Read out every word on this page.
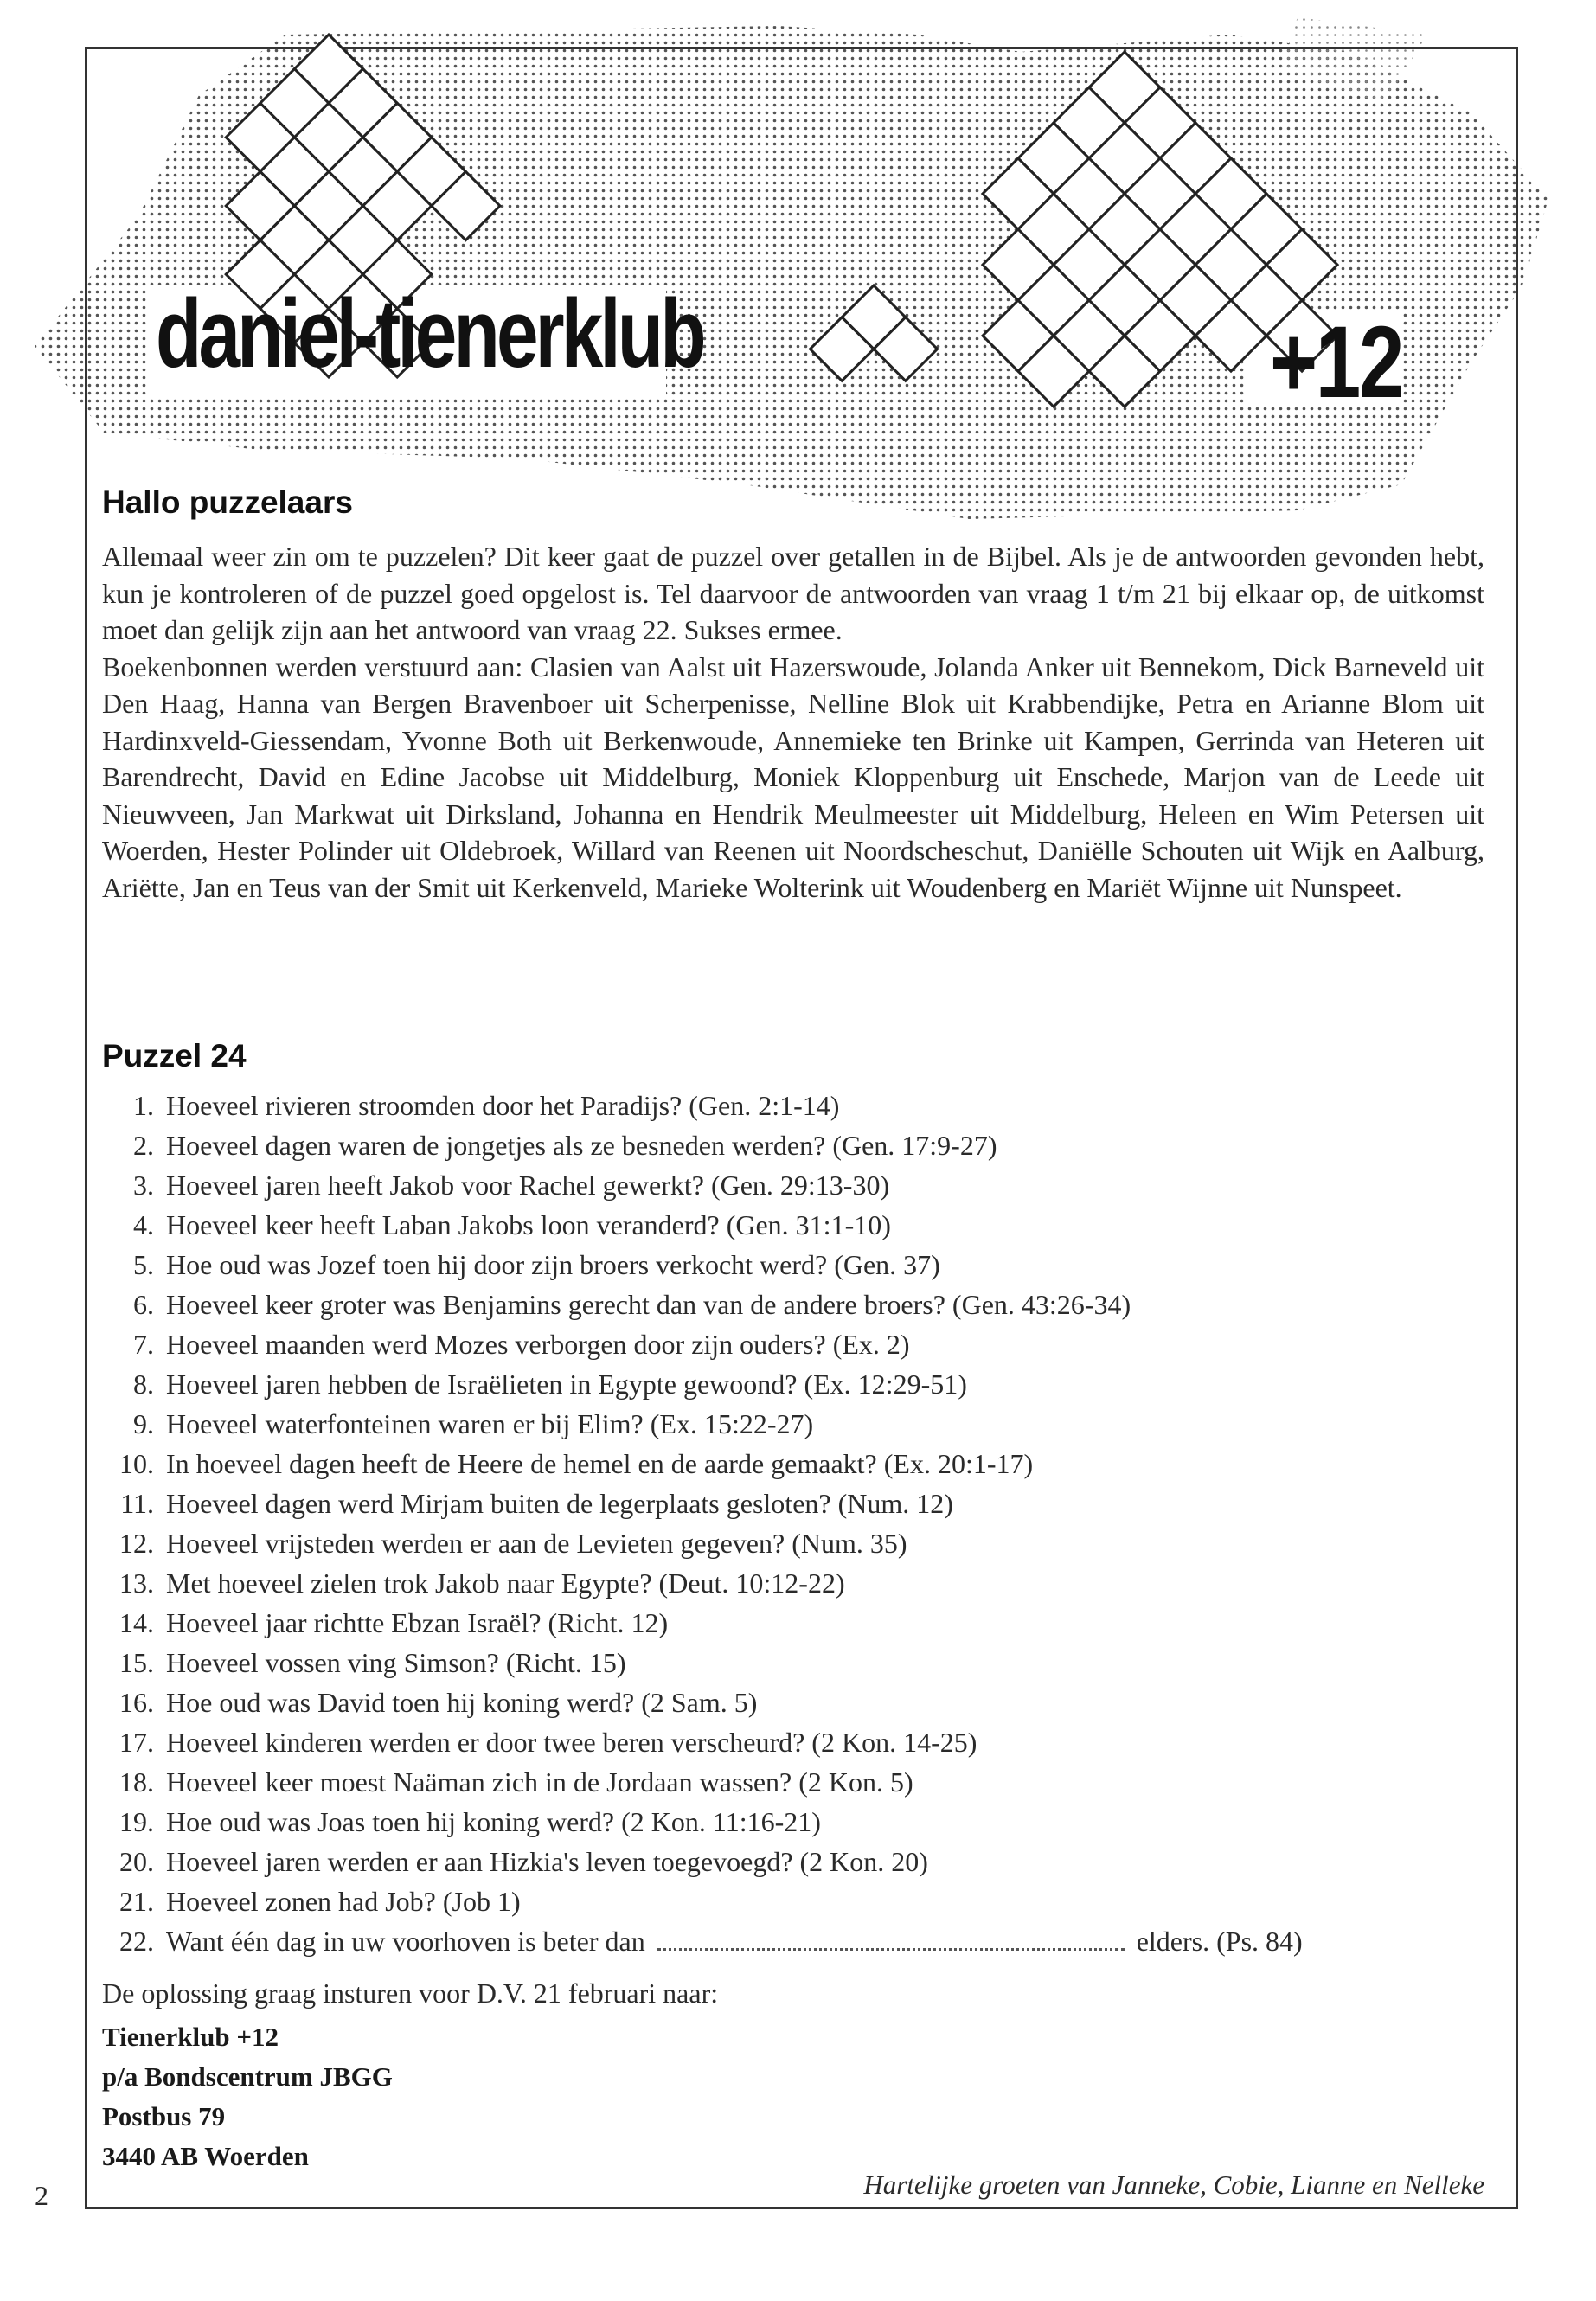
daniel-tienerklub	+12
Hallo puzzelaars

Allemaal weer zin om te puzzelen? Dit keer gaat de puzzel over getallen in de Bijbel. Als je de antwoorden gevonden hebt, kun je kontroleren of de puzzel goed opgelost is. Tel daarvoor de antwoorden van vraag 1 t/m 21 bij elkaar op, de uitkomst moet dan gelijk zijn aan het antwoord van vraag 22. Sukses ermee.

Boekenbonnen werden verstuurd aan: Clasien van Aalst uit Hazerswoude, Jolanda Anker uit Bennekom, Dick Barneveld uit Den Haag, Hanna van Bergen Bravenboer uit Scherpenisse, Nelline Blok uit Krabbendijke, Petra en Arianne Blom uit Hardinxveld-Giessendam, Yvonne Both uit Berkenwoude, Annemieke ten Brinke uit Kampen, Gerrinda van Heteren uit Barendrecht, David en Edine Jacobse uit Middelburg, Moniek Kloppenburg uit Enschede, Marjon van de Leede uit Nieuwveen, Jan Markwat uit Dirksland, Johanna en Hendrik Meulmeester uit Middelburg, Heleen en Wim Petersen uit Woerden, Hester Polinder uit Oldebroek, Willard van Reenen uit Noordscheschut, Daniëlle Schouten uit Wijk en Aalburg, Ariëtte, Jan en Teus van der Smit uit Kerkenveld, Marieke Wolterink uit Woudenberg en Mariët Wijnne uit Nunspeet.

Puzzel 24
1. Hoeveel rivieren stroomden door het Paradijs? (Gen. 2:1-14)
2. Hoeveel dagen waren de jongetjes als ze besneden werden? (Gen. 17:9-27)
3. Hoeveel jaren heeft Jakob voor Rachel gewerkt? (Gen. 29:13-30)
4. Hoeveel keer heeft Laban Jakobs loon veranderd? (Gen. 31:1-10)
5. Hoe oud was Jozef toen hij door zijn broers verkocht werd? (Gen. 37)
6. Hoeveel keer groter was Benjamins gerecht dan van de andere broers? (Gen. 43:26-34)
7. Hoeveel maanden werd Mozes verborgen door zijn ouders? (Ex. 2)
8. Hoeveel jaren hebben de Israëlieten in Egypte gewoond? (Ex. 12:29-51)
9. Hoeveel waterfonteinen waren er bij Elim? (Ex. 15:22-27)
10. In hoeveel dagen heeft de Heere de hemel en de aarde gemaakt? (Ex. 20:1-17)
11. Hoeveel dagen werd Mirjam buiten de legerplaats gesloten? (Num. 12)
12. Hoeveel vrijsteden werden er aan de Levieten gegeven? (Num. 35)
13. Met hoeveel zielen trok Jakob naar Egypte? (Deut. 10:12-22)
14. Hoeveel jaar richtte Ebzan Israël? (Richt. 12)
15. Hoeveel vossen ving Simson? (Richt. 15)
16. Hoe oud was David toen hij koning werd? (2 Sam. 5)
17. Hoeveel kinderen werden er door twee beren verscheurd? (2 Kon. 14-25)
18. Hoeveel keer moest Naäman zich in de Jordaan wassen? (2 Kon. 5)
19. Hoe oud was Joas toen hij koning werd? (2 Kon. 11:16-21)
20. Hoeveel jaren werden er aan Hizkia's leven toegevoegd? (2 Kon. 20)
21. Hoeveel zonen had Job? (Job 1)
22. Want één dag in uw voorhoven is beter dan	elders. (Ps. 84)
De oplossing graag insturen voor D.V. 21 februari naar:
Tienerklub +12
p/a Bondscentrum JBGG
Postbus 79
3440 AB Woerden
Hartelijke groeten van Janneke, Cobie, Lianne en Nelleke
2
